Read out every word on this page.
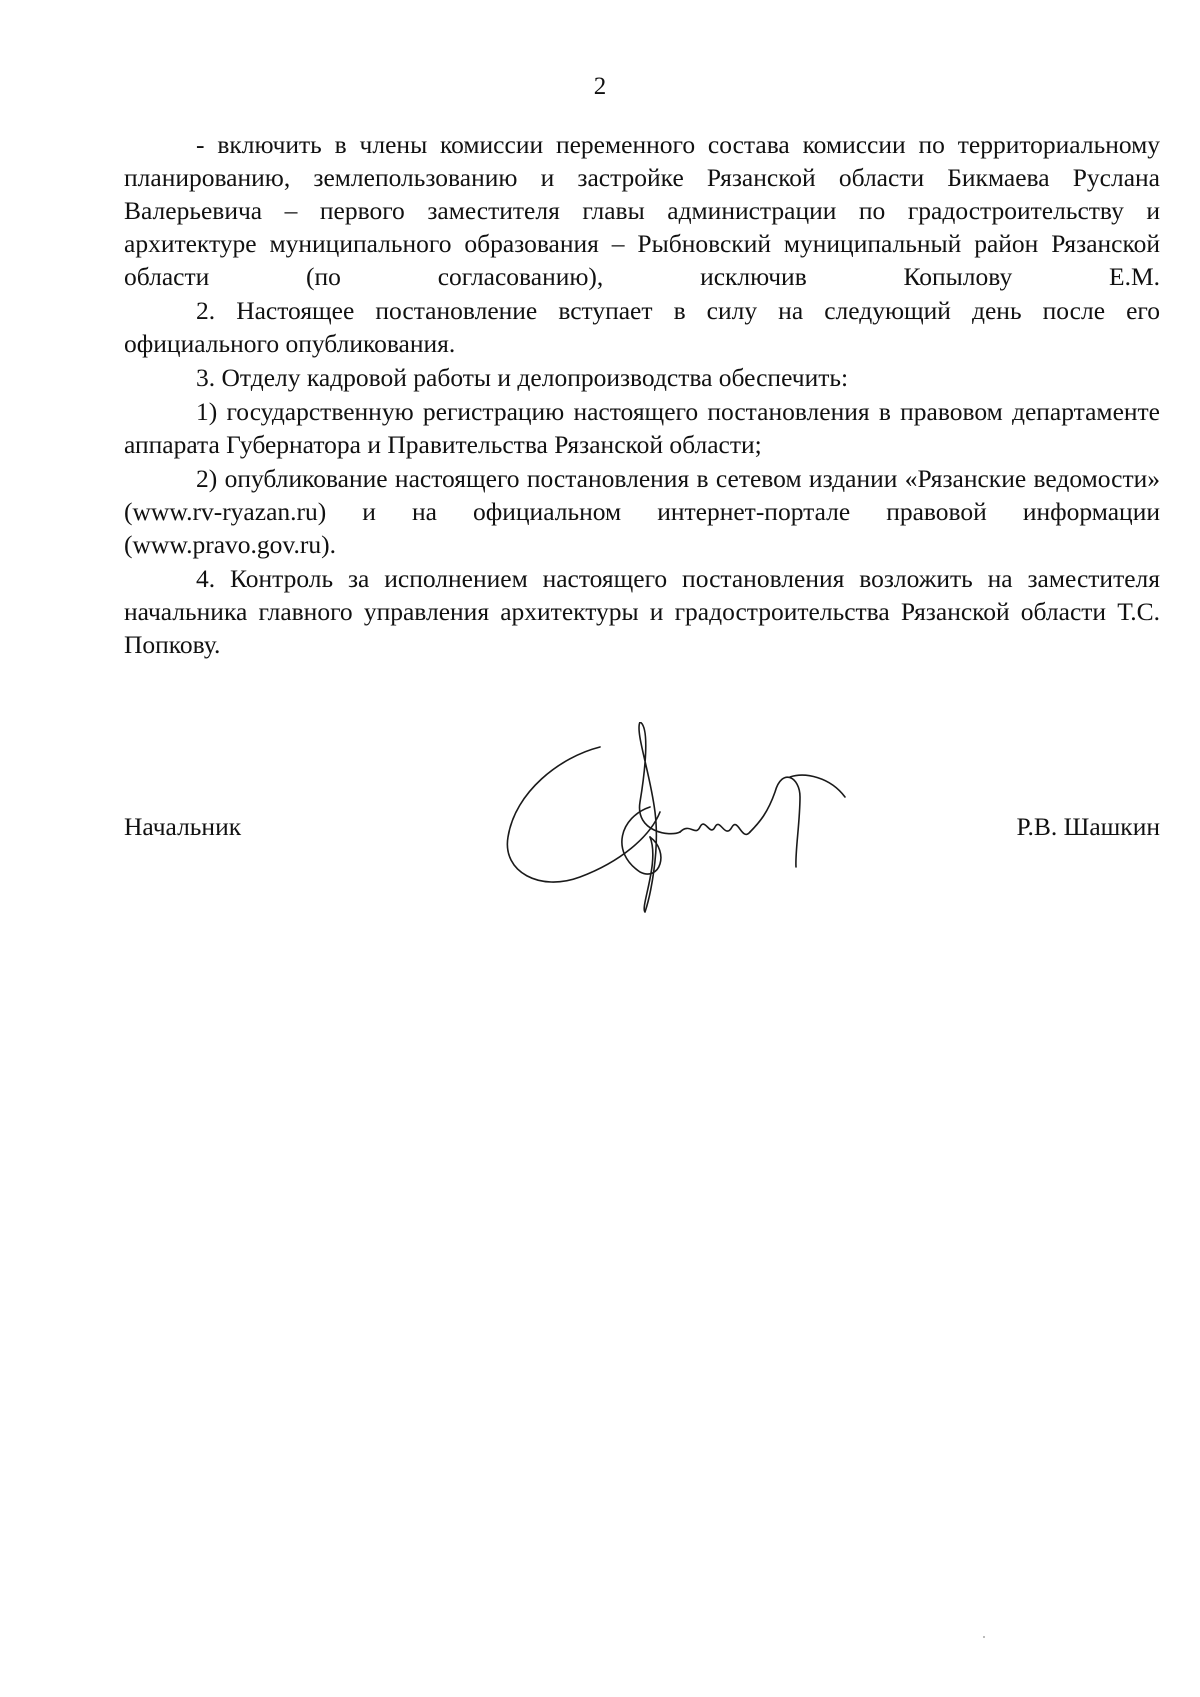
2

- включить в члены комиссии переменного состава комиссии по территориальному планированию, землепользованию и застройке Рязанской области Бикмаева Руслана Валерьевича – первого заместителя главы администрации по градостроительству и архитектуре муниципального образования – Рыбновский муниципальный район Рязанской области (по согласованию), исключив Копылову Е.М.

2. Настоящее постановление вступает в силу на следующий день после его официального опубликования.

3. Отделу кадровой работы и делопроизводства обеспечить:

1) государственную регистрацию настоящего постановления в правовом департаменте аппарата Губернатора и Правительства Рязанской области;

2) опубликование настоящего постановления в сетевом издании «Рязанские ведомости» (www.rv-ryazan.ru) и на официальном интернет-портале правовой информации (www.pravo.gov.ru).

4. Контроль за исполнением настоящего постановления возложить на заместителя начальника главного управления архитектуры и градостроительства Рязанской области Т.С. Попкову.

Начальник	Р.В. Шашкин
